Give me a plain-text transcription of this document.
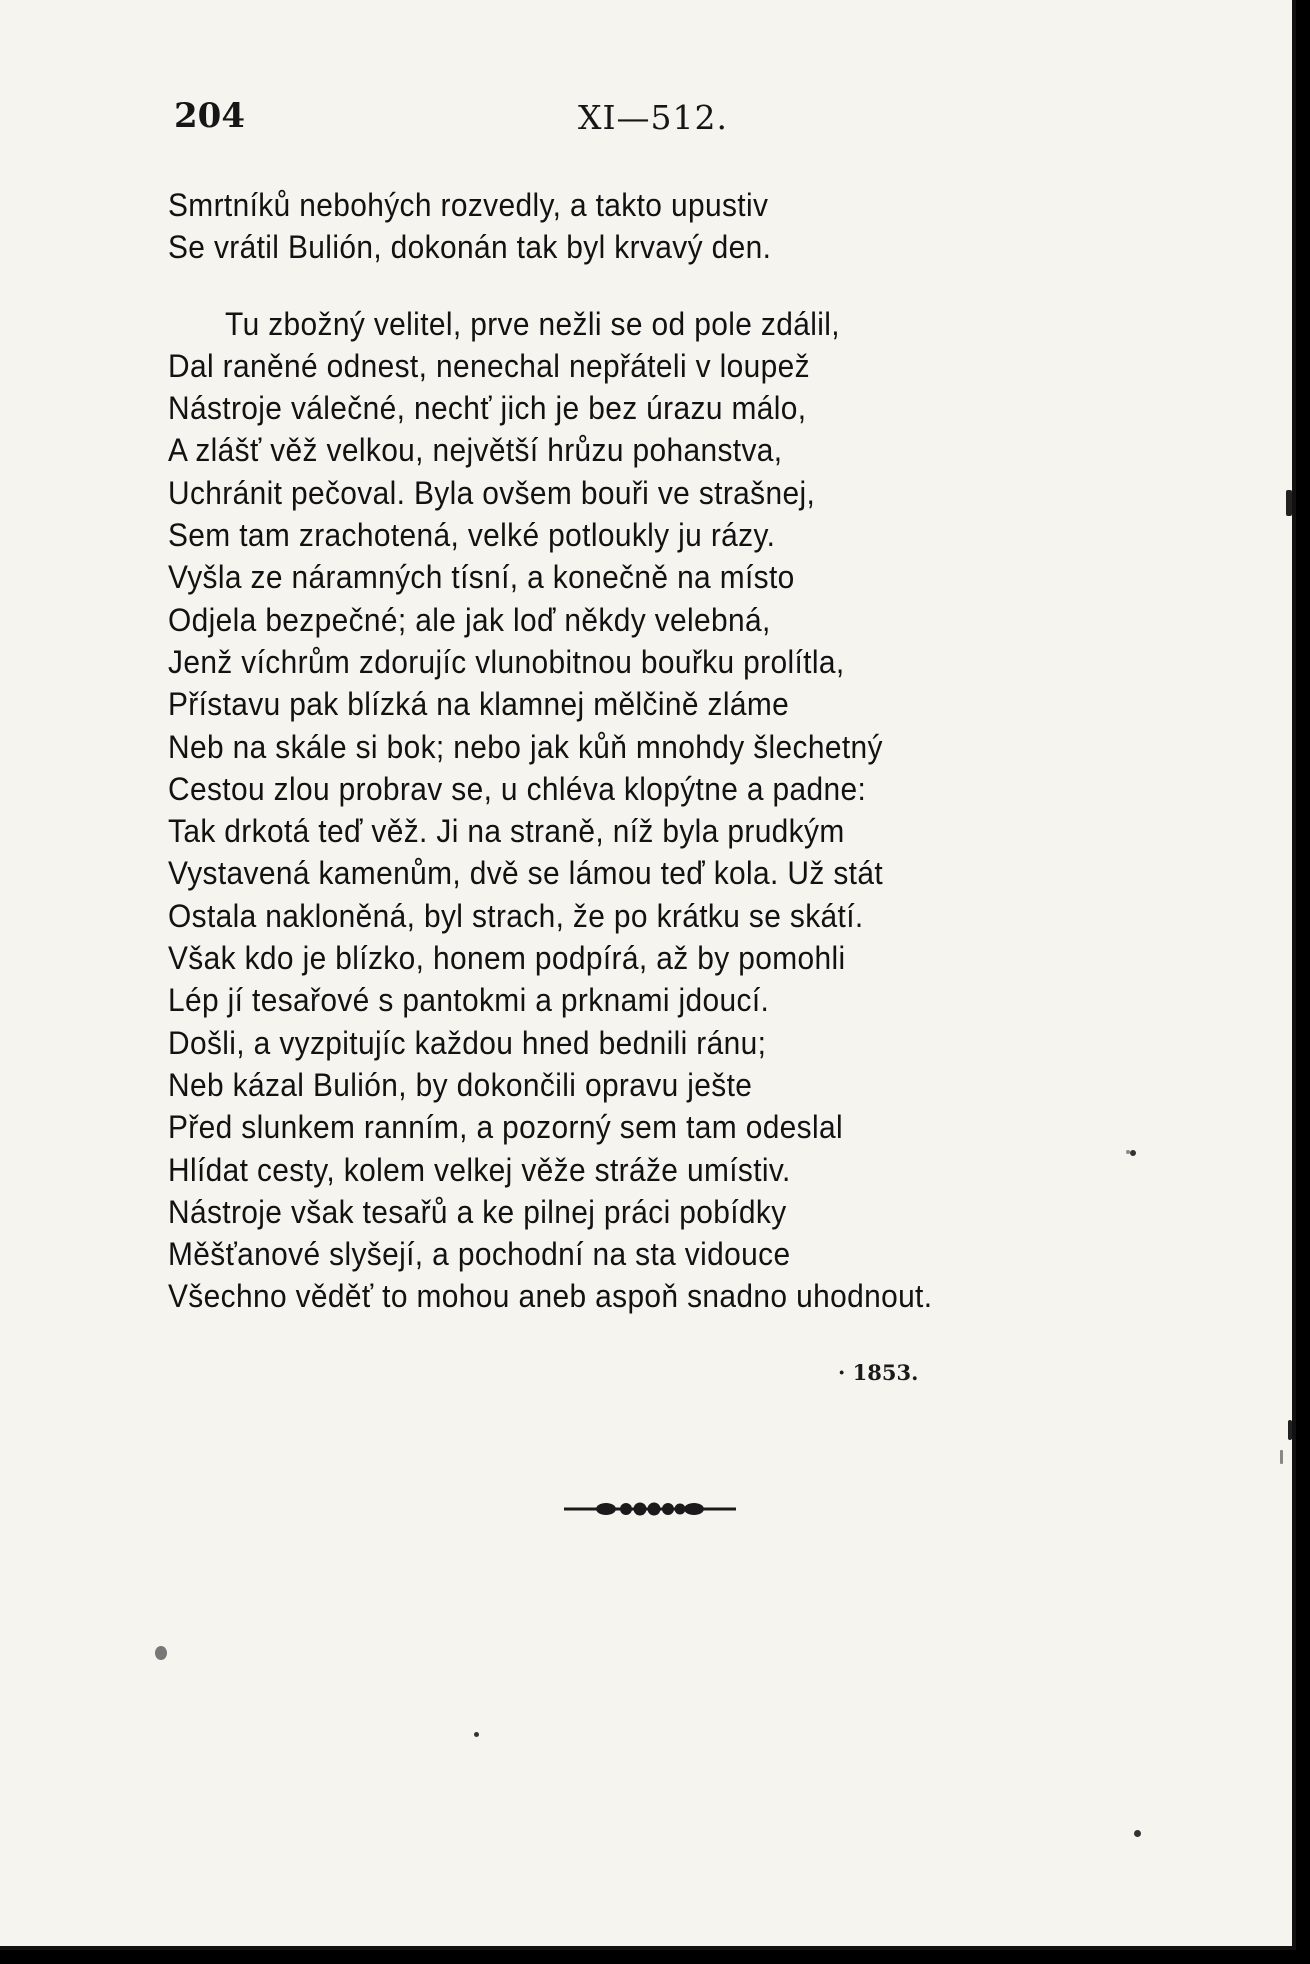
204	XI—512.
Smrtníků nebohých rozvedly, a takto upustiv
Se vrátil Bulión, dokonán tak byl krvavý den.
Tu zbožný velitel, prve nežli se od pole zdálil,
Dal raněné odnest, nenechal nepřáteli v loupež
Nástroje válečné, nechť jich je bez úrazu málo,
A zlášť věž velkou, největší hrůzu pohanstva,
Uchránit pečoval. Byla ovšem bouři ve strašnej,
Sem tam zrachotená, velké potloukly ju rázy.
Vyšla ze náramných tísní, a konečně na místo
Odjela bezpečné; ale jak loď někdy velebná,
Jenž víchrům zdorujíc vlunobitnou bouřku prolítla,
Přístavu pak blízká na klamnej mělčině zláme
Neb na skále si bok; nebo jak kůň mnohdy šlechetný
Cestou zlou probrav se, u chléva klopýtne a padne:
Tak drkotá teď věž. Ji na straně, níž byla prudkým
Vystavená kamenům, dvě se lámou teď kola. Už stát
Ostala nakloněná, byl strach, že po krátku se skátí.
Však kdo je blízko, honem podpírá, až by pomohli
Lép jí tesařové s pantokmi a prknami jdoucí.
Došli, a vyzpitujíc každou hned bednili ránu;
Neb kázal Bulión, by dokončili opravu ješte
Před slunkem ranním, a pozorný sem tam odeslal
Hlídat cesty, kolem velkej věže stráže umístiv.
Nástroje však tesařů a ke pilnej práci pobídky
Měšťanové slyšejí, a pochodní na sta vidouce
Všechno věděť to mohou aneb aspoň snadno uhodnout.
· 1853.
